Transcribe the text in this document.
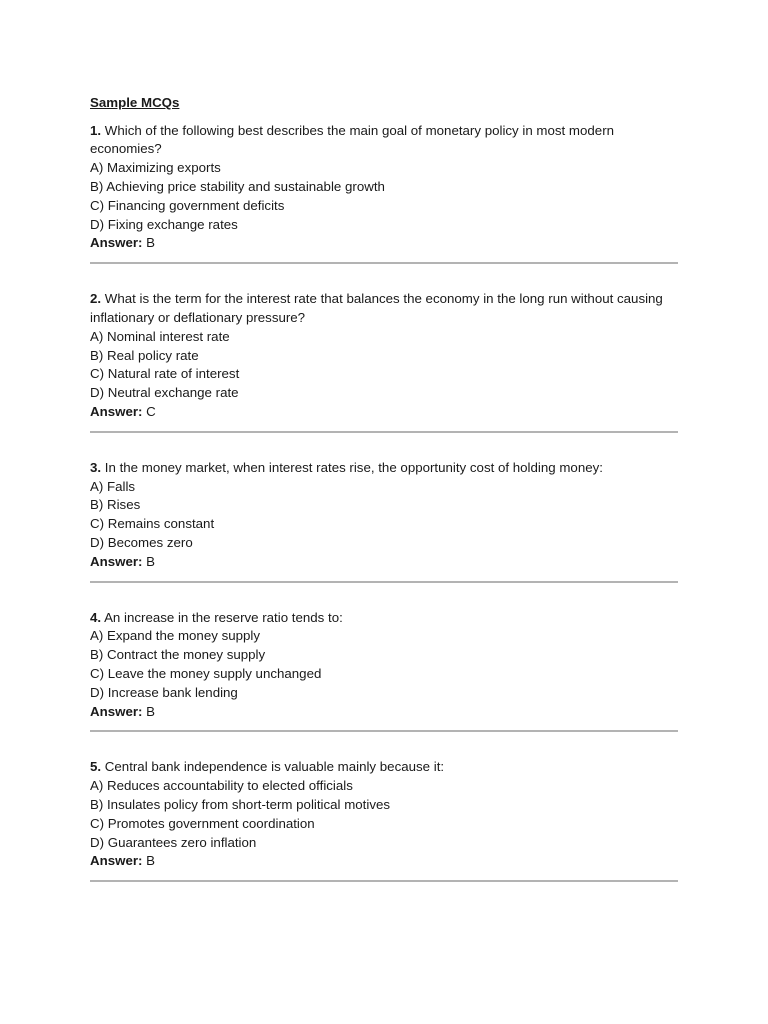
Sample MCQs
1. Which of the following best describes the main goal of monetary policy in most modern economies?
A) Maximizing exports
B) Achieving price stability and sustainable growth
C) Financing government deficits
D) Fixing exchange rates
Answer: B
2. What is the term for the interest rate that balances the economy in the long run without causing inflationary or deflationary pressure?
A) Nominal interest rate
B) Real policy rate
C) Natural rate of interest
D) Neutral exchange rate
Answer: C
3. In the money market, when interest rates rise, the opportunity cost of holding money:
A) Falls
B) Rises
C) Remains constant
D) Becomes zero
Answer: B
4. An increase in the reserve ratio tends to:
A) Expand the money supply
B) Contract the money supply
C) Leave the money supply unchanged
D) Increase bank lending
Answer: B
5. Central bank independence is valuable mainly because it:
A) Reduces accountability to elected officials
B) Insulates policy from short-term political motives
C) Promotes government coordination
D) Guarantees zero inflation
Answer: B
